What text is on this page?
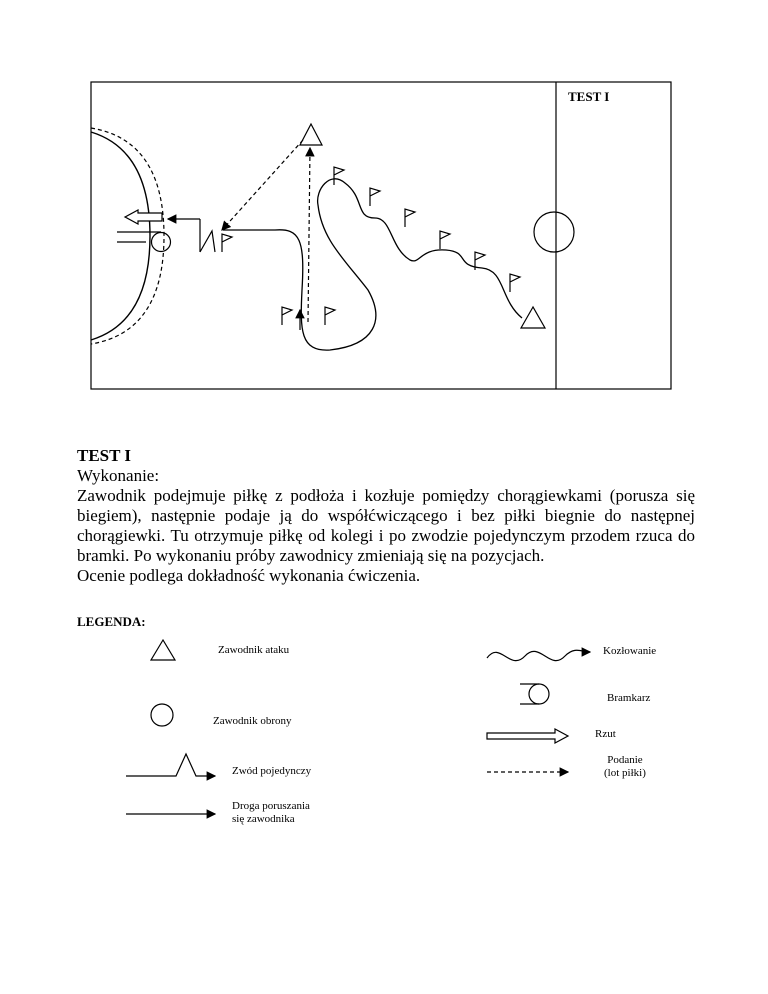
TEST I
TEST I
Wykonanie:
Zawodnik podejmuje piłkę z podłoża i kozłuje pomiędzy chorągiewkami (porusza się biegiem), następnie podaje ją do współćwiczącego i bez piłki biegnie do następnej chorągiewki. Tu otrzymuje piłkę od kolegi i po zwodzie pojedynczym przodem rzuca do bramki. Po wykonaniu próby zawodnicy zmieniają się na pozycjach.
Ocenie podlega dokładność wykonania ćwiczenia.
LEGENDA:
Zawodnik ataku
Zawodnik obrony
Zwód pojedynczy
Droga poruszania
się zawodnika
Kozłowanie
Bramkarz
Rzut
Podanie
(lot piłki)
